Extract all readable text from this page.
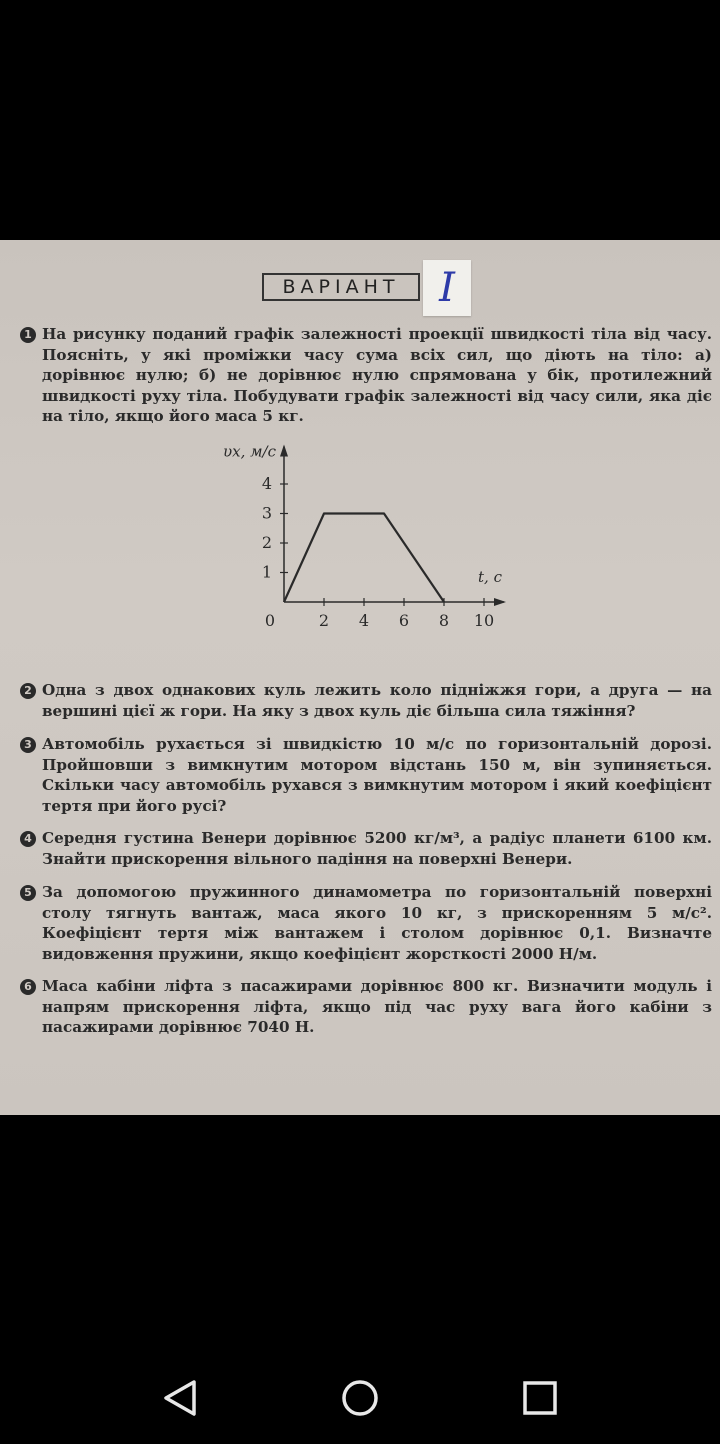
ВАРІАНТ I
1 На рисунку поданий графік залежності проекції швидкості тіла від часу. Поясніть, у які проміжки часу сума всіх сил, що діють на тіло: а) дорівнює нулю; б) не дорівнює нулю спрямована у бік, протилежний швидкості руху тіла. Побудувати графік залежності від часу сили, яка діє на тіло, якщо його маса 5 кг.
0	2 4 6 8 10
1
2
3
4
υx, м/с
t, с
2 Одна з двох однакових куль лежить коло підніжжя гори, а друга — на вершині цієї ж гори. На яку з двох куль діє більша сила тяжіння?
3 Автомобіль рухається зі швидкістю 10 м/с по горизонтальній дорозі. Пройшовши з вимкнутим мотором відстань 150 м, він зупиняється. Скільки часу автомобіль рухався з вимкнутим мотором і який коефіцієнт тертя при його русі?
4 Середня густина Венери дорівнює 5200 кг/м³, а радіус планети 6100 км. Знайти прискорення вільного падіння на поверхні Венери.
5 За допомогою пружинного динамометра по горизонтальній поверхні столу тягнуть вантаж, маса якого 10 кг, з прискоренням 5 м/с². Коефіцієнт тертя між вантажем і столом дорівнює 0,1. Визначте видовження пружини, якщо коефіцієнт жорсткості 2000 Н/м.
6 Маса кабіни ліфта з пасажирами дорівнює 800 кг. Визначити модуль і напрям прискорення ліфта, якщо під час руху вага його кабіни з пасажирами дорівнює 7040 Н.
